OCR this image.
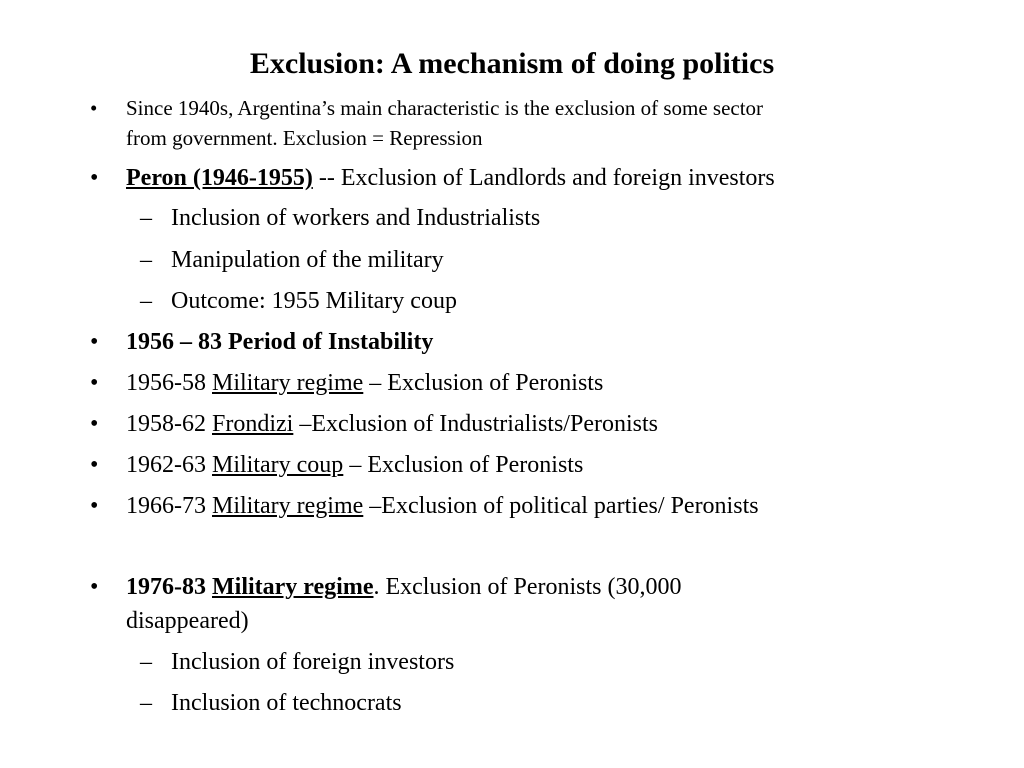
Exclusion: A mechanism of doing politics
• Since 1940s, Argentina’s main characteristic is the exclusion of some sector
from government. Exclusion = Repression
• Peron (1946-1955) -- Exclusion of Landlords and foreign investors
– Inclusion of workers and Industrialists
– Manipulation of the military
– Outcome: 1955 Military coup
• 1956 – 83 Period of Instability
• 1956-58 Military regime – Exclusion of Peronists
• 1958-62 Frondizi –Exclusion of Industrialists/Peronists
• 1962-63 Military coup – Exclusion of Peronists
• 1966-73 Military regime –Exclusion of political parties/ Peronists
• 1976-83 Military regime. Exclusion of Peronists (30,000
disappeared)
– Inclusion of foreign investors
– Inclusion of technocrats
